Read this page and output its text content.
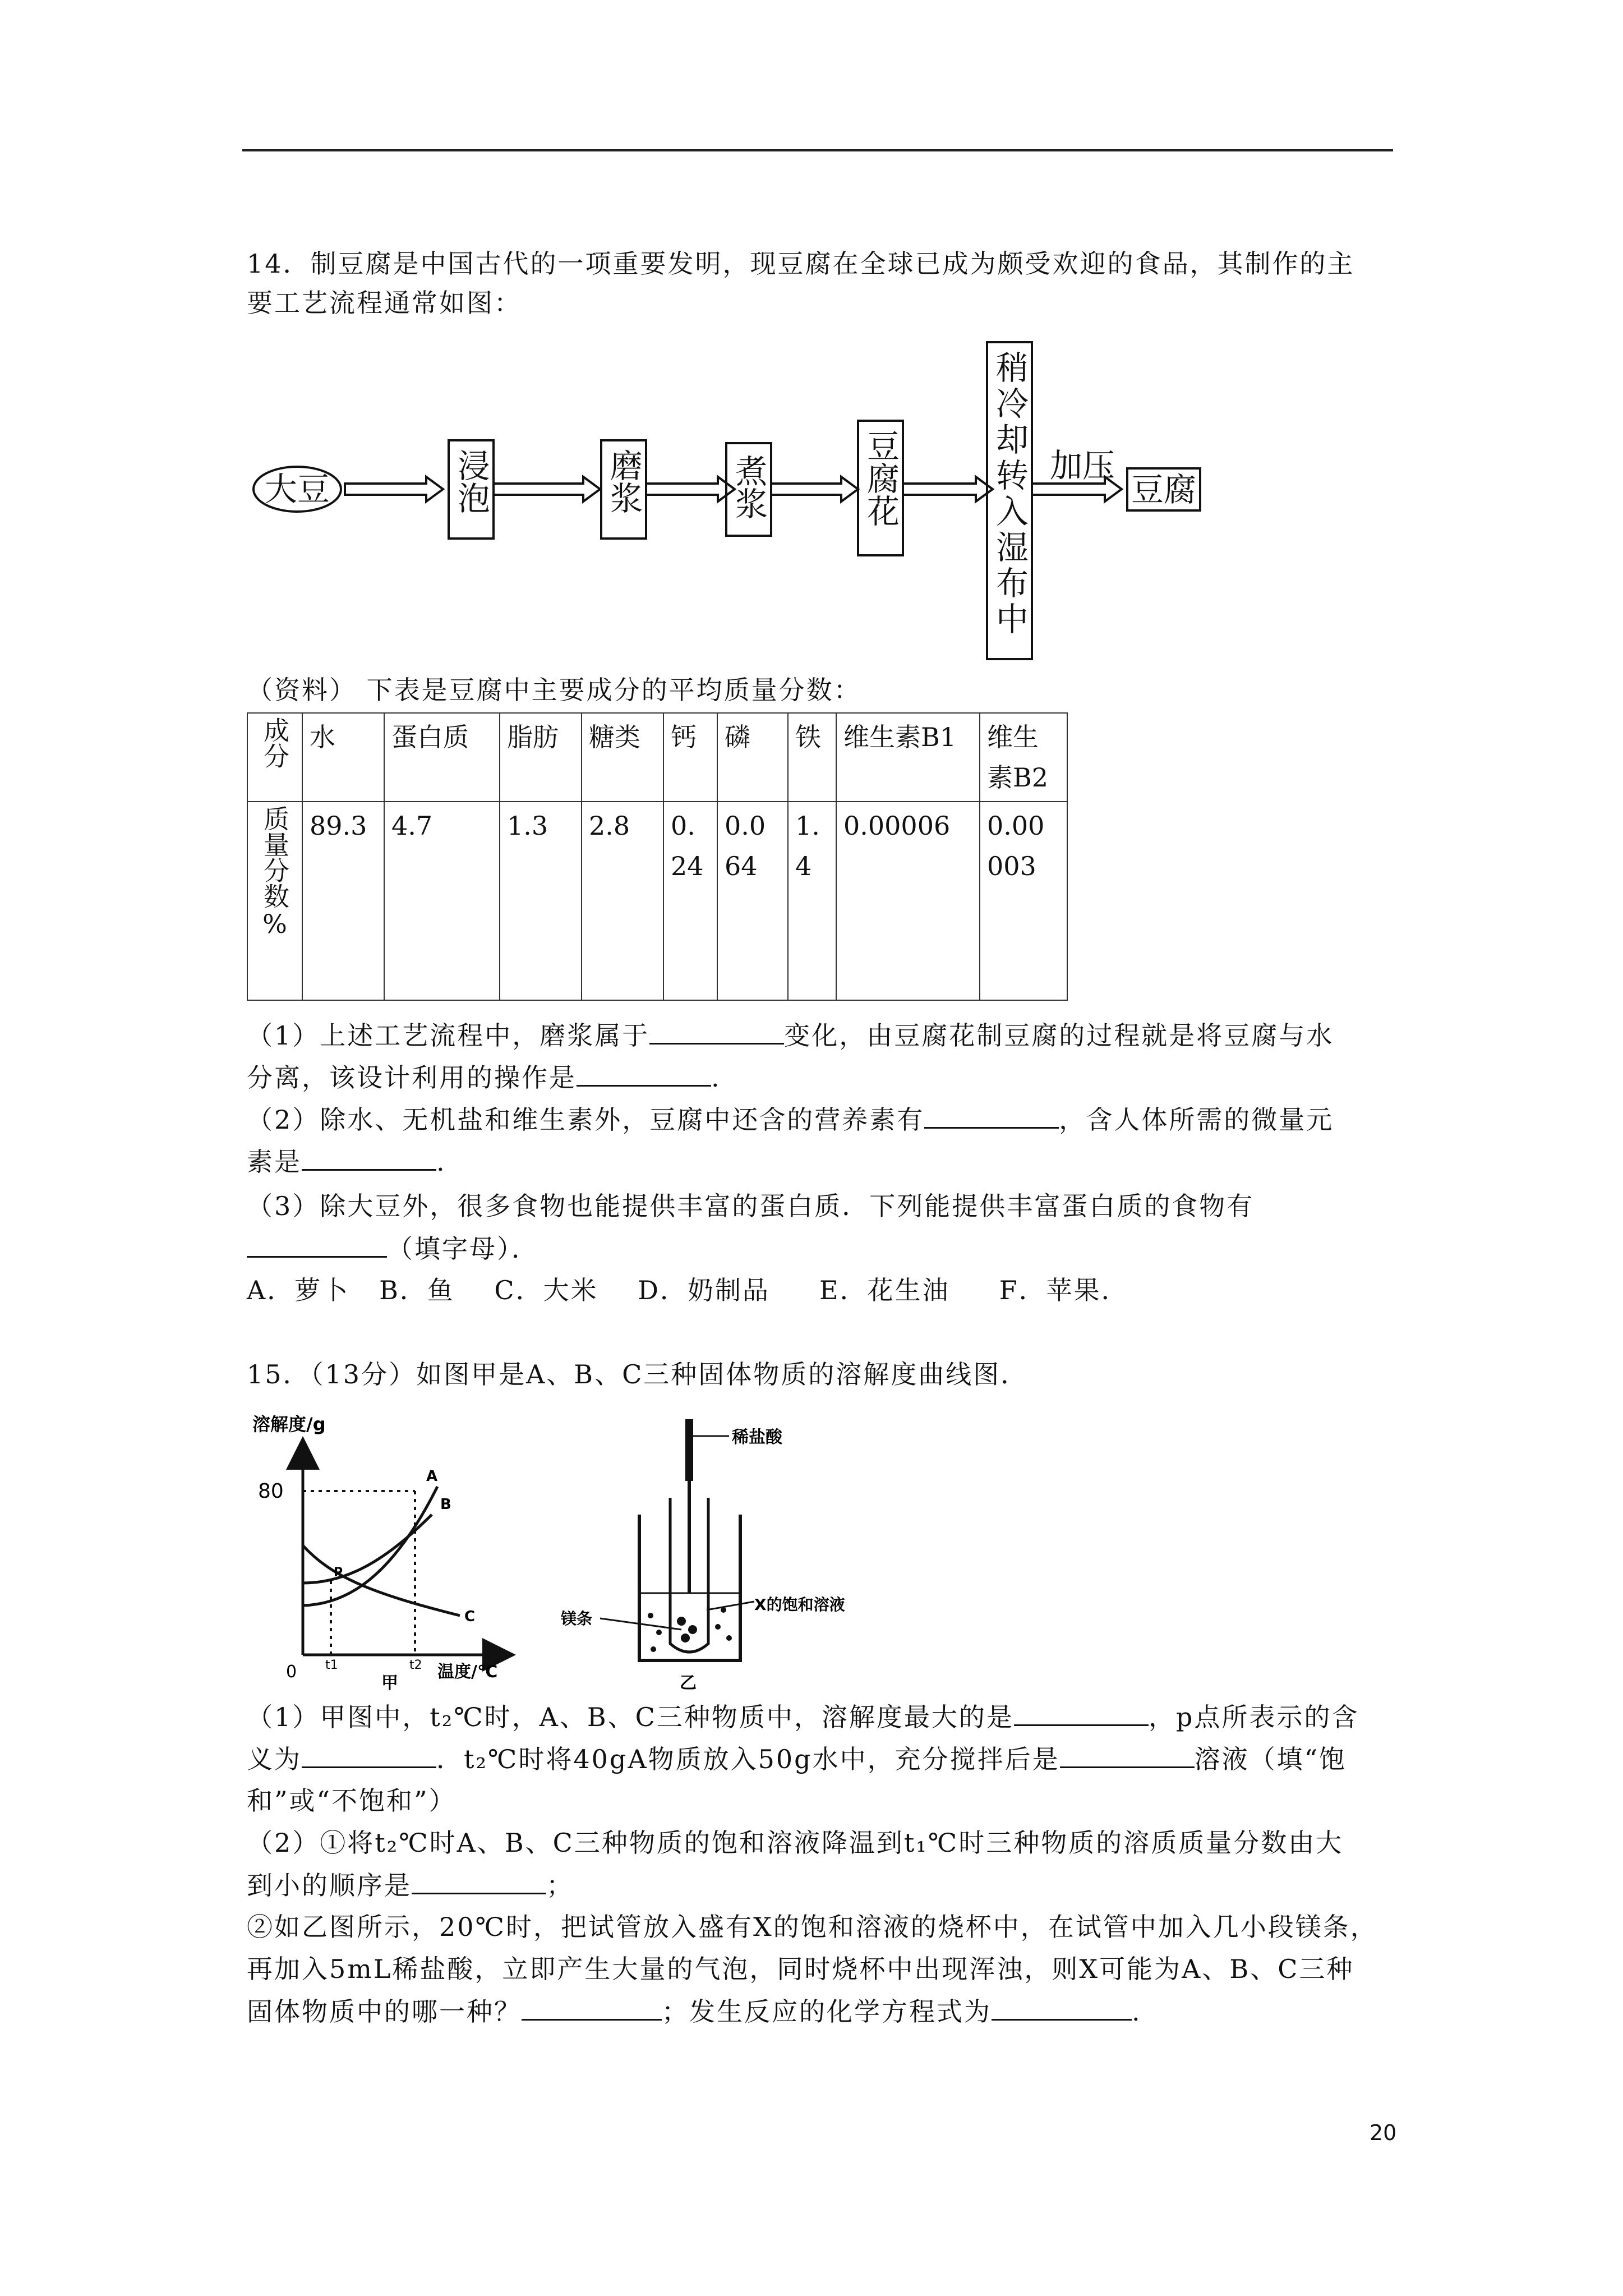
14．制豆腐是中国古代的一项重要发明，现豆腐在全球已成为颇受欢迎的食品，其制作的主
要工艺流程通常如图：
大豆	浸泡	磨浆	煮浆	豆腐花	稍冷却转入湿布中 加压
豆腐
（资料） 下表是豆腐中主要成分的平均质量分数：
成分	水	蛋白质	脂肪	糖类	钙	磷	铁	维生素B1	维生素B2

质量分数%	89.3	4.7	1.3	2.8	0.24	0.064	1.4	0.00006	0.00003
（1）上述工艺流程中，磨浆属于	变化，由豆腐花制豆腐的过程就是将豆腐与水
分离，该设计利用的操作是	.
（2）除水、无机盐和维生素外，豆腐中还含的营养素有	，含人体所需的微量元
素是	.
（3）除大豆外，很多食物也能提供丰富的蛋白质．下列能提供丰富蛋白质的食物有
（填字母）．
A．萝卜   B．鱼    C．大米    D．奶制品     E．花生油     F．苹果．
15．（13分）如图甲是A、B、C三种固体物质的溶解度曲线图．
溶解度/g
80
0
A
B
C
P
t1	t2 温度/℃
甲
稀盐酸
镁条
X的饱和溶液
乙
（1）甲图中，t₂℃时，A、B、C三种物质中，溶解度最大的是	，p点所表示的含
义为	．t₂℃时将40gA物质放入50g水中，充分搅拌后是	溶液（填“饱
和”或“不饱和”）
（2）①将t₂℃时A、B、C三种物质的饱和溶液降温到t₁℃时三种物质的溶质质量分数由大
到小的顺序是	；
②如乙图所示，20℃时，把试管放入盛有X的饱和溶液的烧杯中，在试管中加入几小段镁条，
再加入5mL稀盐酸，立即产生大量的气泡，同时烧杯中出现浑浊，则X可能为A、B、C三种
固体物质中的哪一种？	；发生反应的化学方程式为	.
20
